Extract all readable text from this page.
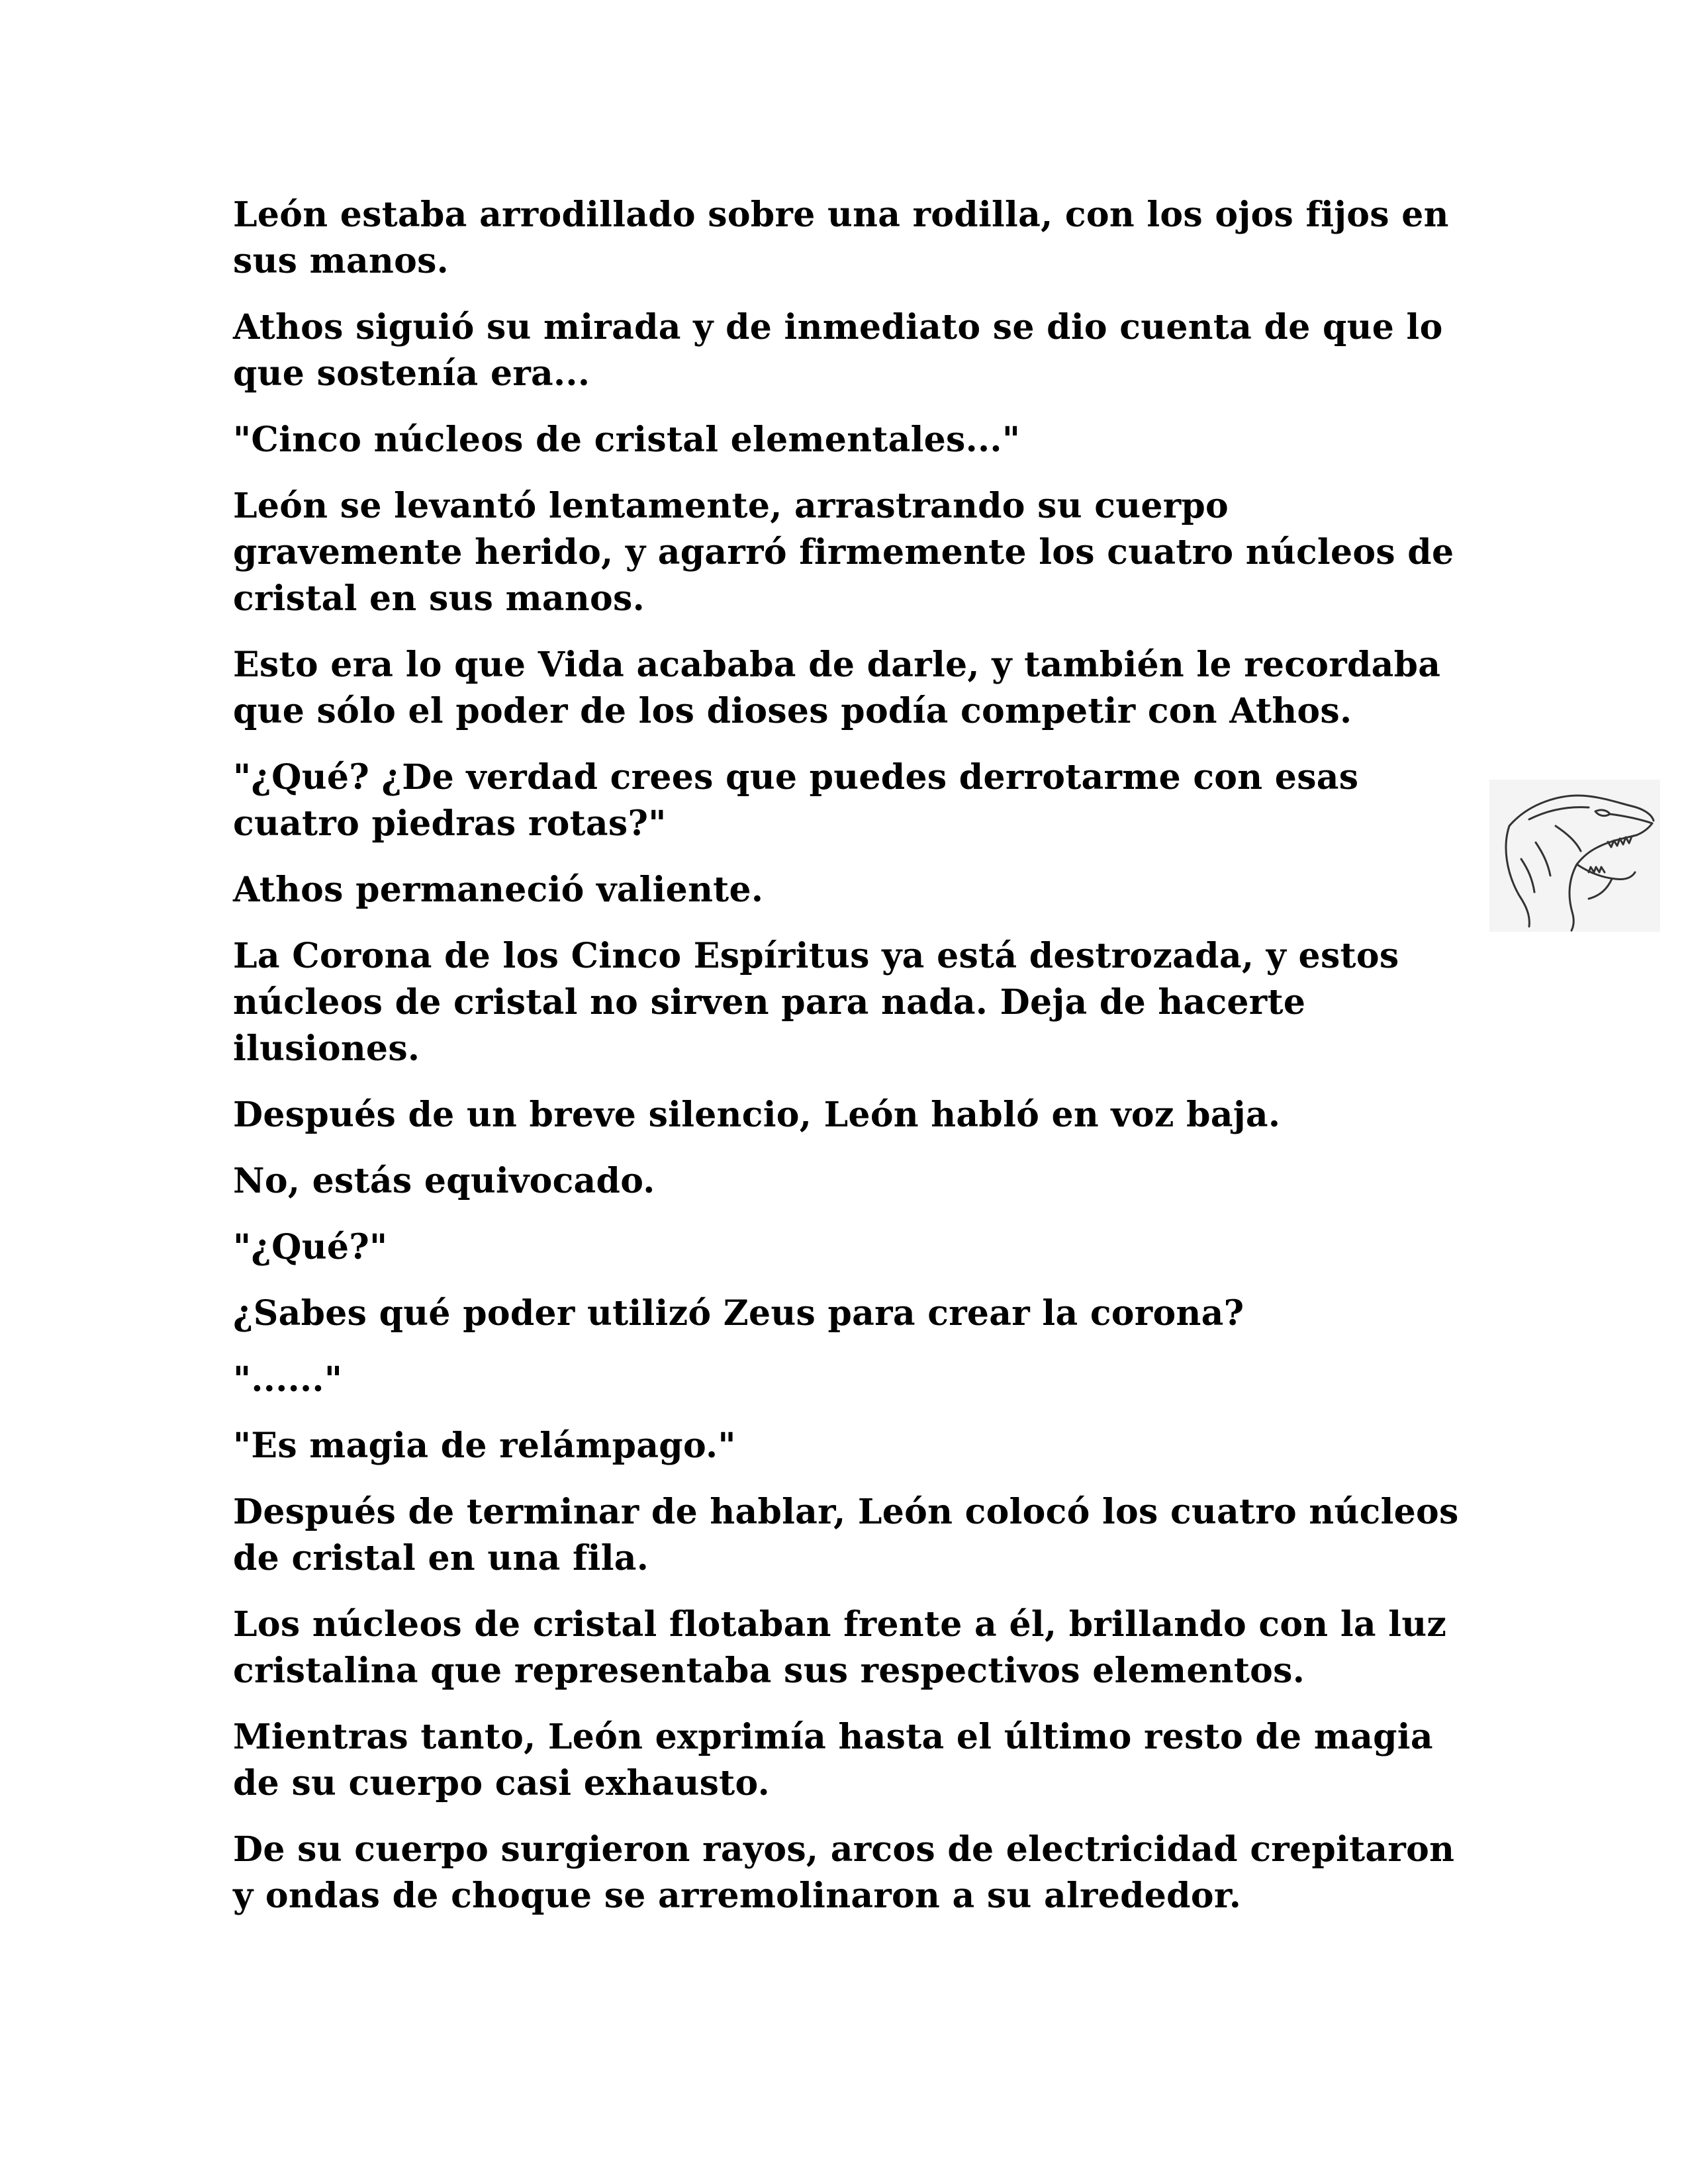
León estaba arrodillado sobre una rodilla, con los ojos fijos en sus manos.

Athos siguió su mirada y de inmediato se dio cuenta de que lo que sostenía era...

"Cinco núcleos de cristal elementales..."

León se levantó lentamente, arrastrando su cuerpo gravemente herido, y agarró firmemente los cuatro núcleos de cristal en sus manos.

Esto era lo que Vida acababa de darle, y también le recordaba que sólo el poder de los dioses podía competir con Athos.

"¿Qué? ¿De verdad crees que puedes derrotarme con esas cuatro piedras rotas?"

Athos permaneció valiente.

La Corona de los Cinco Espíritus ya está destrozada, y estos núcleos de cristal no sirven para nada. Deja de hacerte ilusiones.

Después de un breve silencio, León habló en voz baja.

No, estás equivocado.

"¿Qué?"

¿Sabes qué poder utilizó Zeus para crear la corona?

"......"

"Es magia de relámpago."

Después de terminar de hablar, León colocó los cuatro núcleos de cristal en una fila.

Los núcleos de cristal flotaban frente a él, brillando con la luz cristalina que representaba sus respectivos elementos.

Mientras tanto, León exprimía hasta el último resto de magia de su cuerpo casi exhausto.

De su cuerpo surgieron rayos, arcos de electricidad crepitaron y ondas de choque se arremolinaron a su alrededor.
